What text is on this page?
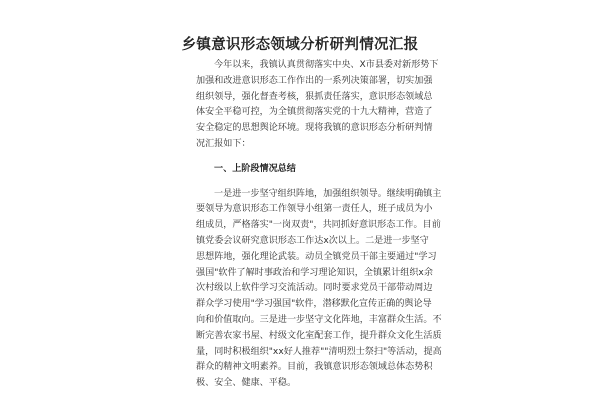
乡镇意识形态领域分析研判情况汇报
今年以来，我镇认真贯彻落实中央、X市县委对新形势下
加强和改进意识形态工作作出的一系列决策部署，切实加强
组织领导，强化督查考核，狠抓责任落实，意识形态领域总
体安全平稳可控，为全镇贯彻落实党的十九大精神，营造了
安全稳定的思想舆论环境。现将我镇的意识形态分析研判情
况汇报如下：
一、上阶段情况总结
一是进一步坚守组织阵地，加强组织领导。继续明确镇主
要领导为意识形态工作领导小组第一责任人，班子成员为小
组成员，严格落实"一岗双责"，共同抓好意识形态工作。目前
镇党委会议研究意识形态工作达x次以上。二是进一步坚守
思想阵地，强化理论武装。动员全镇党员干部主要通过"学习
强国"软件了解时事政治和学习理论知识，全镇累计组织x余
次村级以上软件学习交流活动。同时要求党员干部带动周边
群众学习使用"学习强国"软件，潜移默化宣传正确的舆论导
向和价值取向。三是进一步坚守文化阵地，丰富群众生活。不
断完善农家书屋、村级文化室配套工作，提升群众文化生活质
量，同时积极组织"xx好人推荐""清明烈士祭扫"等活动，提高
群众的精神文明素养。目前，我镇意识形态领域总体态势积
极、安全、健康、平稳。
